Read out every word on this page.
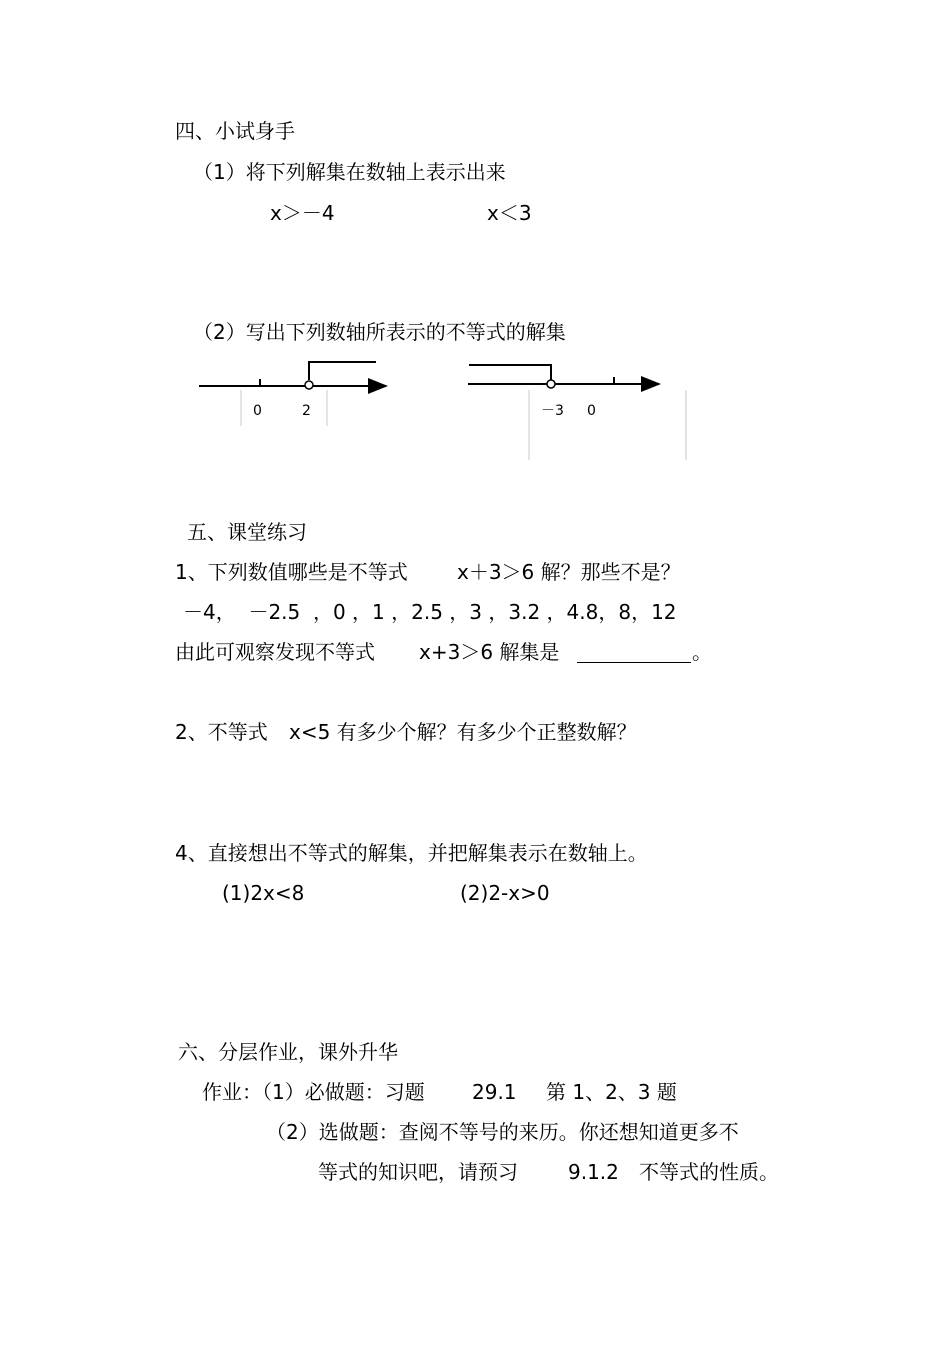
四、小试身手
（1）将下列解集在数轴上表示出来
x＞－4	x＜3
（2）写出下列数轴所表示的不等式的解集
0	2	－3 0
五、课堂练习
1、下列数值哪些是不等式 x＋3＞6 解？那些不是？
－4，  －2.5  ，0 ，1 ，2.5 ，3 ，3.2 ，4.8，8，12
由此可观察发现不等式 x+3＞6 解集是	。
2、不等式 x<5 有多少个解？有多少个正整数解？
4、直接想出不等式的解集，并把解集表示在数轴上。
(1)2x<8	(2)2-x>0
六、分层作业，课外升华
作业：（1）必做题：习题 29.1 第 1、2、3 题
（2）选做题：查阅不等号的来历。你还想知道更多不
等式的知识吧，请预习	9.1.2 不等式的性质。
